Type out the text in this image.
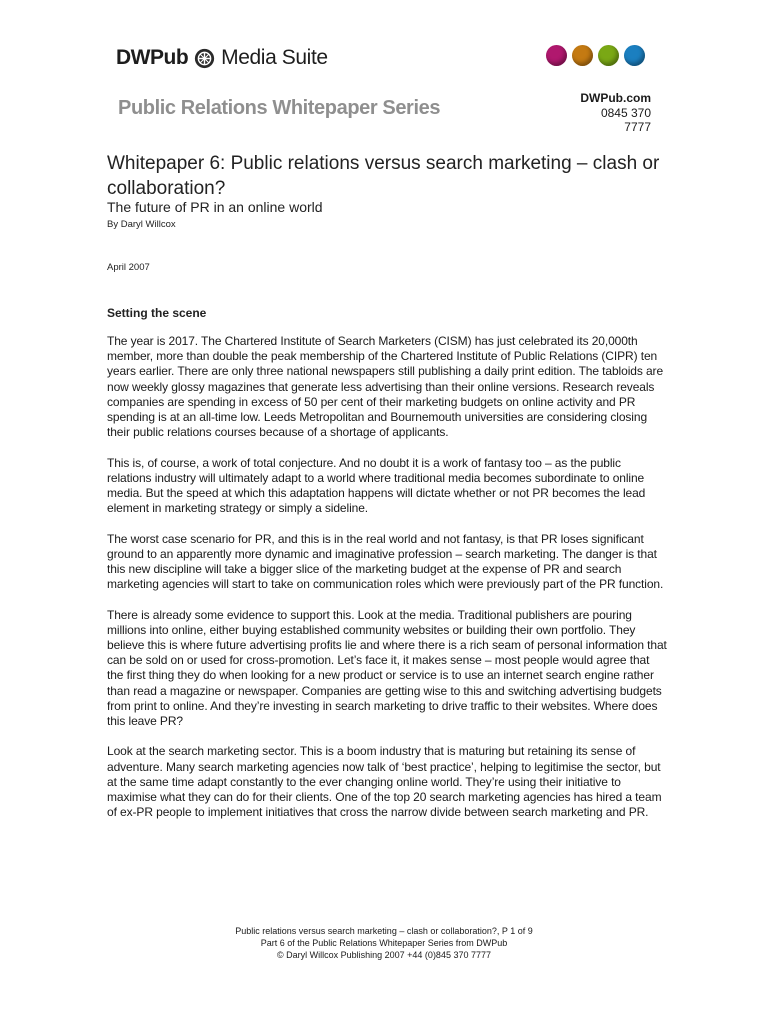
DWPub Media Suite
Public Relations Whitepaper Series	DWPub.com
0845 370 7777
Whitepaper 6: Public relations versus search marketing – clash or collaboration?
The future of PR in an online world
By Daryl Willcox
April 2007
Setting the scene

The year is 2017. The Chartered Institute of Search Marketers (CISM) has just celebrated its 20,000th member, more than double the peak membership of the Chartered Institute of Public Relations (CIPR) ten years earlier. There are only three national newspapers still publishing a daily print edition. The tabloids are now weekly glossy magazines that generate less advertising than their online versions. Research reveals companies are spending in excess of 50 per cent of their marketing budgets on online activity and PR spending is at an all-time low. Leeds Metropolitan and Bournemouth universities are considering closing their public relations courses because of a shortage of applicants.

This is, of course, a work of total conjecture. And no doubt it is a work of fantasy too – as the public relations industry will ultimately adapt to a world where traditional media becomes subordinate to online media. But the speed at which this adaptation happens will dictate whether or not PR becomes the lead element in marketing strategy or simply a sideline.

The worst case scenario for PR, and this is in the real world and not fantasy, is that PR loses significant ground to an apparently more dynamic and imaginative profession – search marketing. The danger is that this new discipline will take a bigger slice of the marketing budget at the expense of PR and search marketing agencies will start to take on communication roles which were previously part of the PR function.

There is already some evidence to support this. Look at the media. Traditional publishers are pouring millions into online, either buying established community websites or building their own portfolio. They believe this is where future advertising profits lie and where there is a rich seam of personal information that can be sold on or used for cross-promotion. Let’s face it, it makes sense – most people would agree that the first thing they do when looking for a new product or service is to use an internet search engine rather than read a magazine or newspaper. Companies are getting wise to this and switching advertising budgets from print to online. And they’re investing in search marketing to drive traffic to their websites. Where does this leave PR?

Look at the search marketing sector. This is a boom industry that is maturing but retaining its sense of adventure. Many search marketing agencies now talk of ‘best practice’, helping to legitimise the sector, but at the same time adapt constantly to the ever changing online world. They’re using their initiative to maximise what they can do for their clients. One of the top 20 search marketing agencies has hired a team of ex-PR people to implement initiatives that cross the narrow divide between search marketing and PR.

Public relations versus search marketing – clash or collaboration?, P 1 of 9
Part 6 of the Public Relations Whitepaper Series from DWPub
© Daryl Willcox Publishing 2007 +44 (0)845 370 7777
